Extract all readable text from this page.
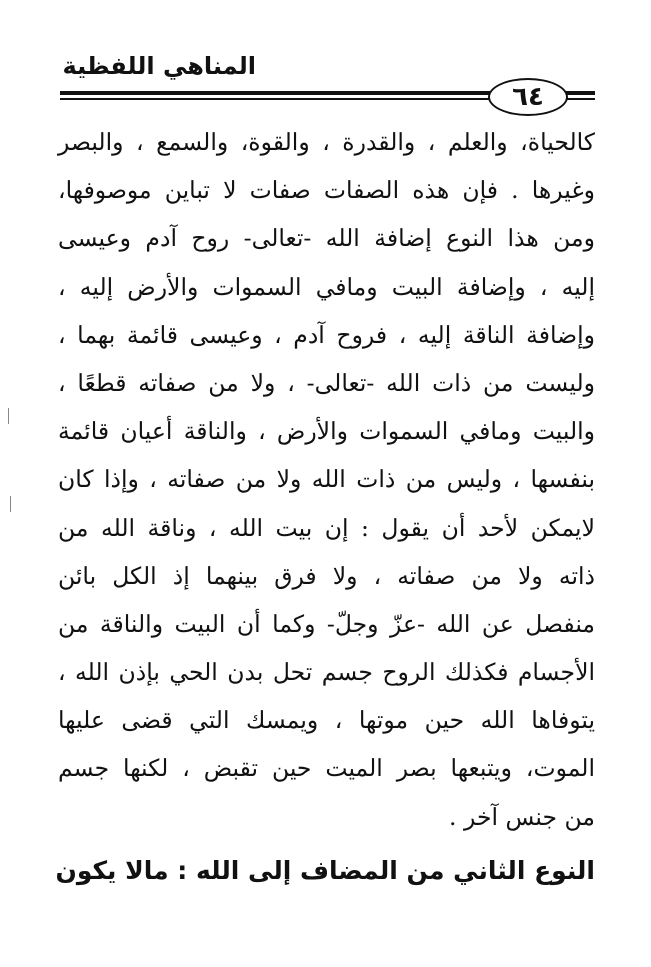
المناهي اللفظية
٦٤
كالحياة، والعلم ، والقدرة ، والقوة، والسمع ، والبصر
وغيرها . فإن هذه الصفات صفات لا تباين موصوفها،
ومن هذا النوع إضافة الله -تعالى- روح آدم وعيسى
إليه ، وإضافة البيت ومافي السموات والأرض إليه ،
وإضافة الناقة إليه ، فروح آدم ، وعيسى قائمة بهما ،
وليست من ذات الله -تعالى- ، ولا من صفاته قطعًا ،
والبيت ومافي السموات والأرض ، والناقة أعيان قائمة
بنفسها ، وليس من ذات الله ولا من صفاته ، وإذا كان
لايمكن لأحد أن يقول : إن بيت الله ، وناقة الله من
ذاته ولا من صفاته ، ولا فرق بينهما إذ الكل بائن
منفصل عن الله -عزّ وجلّ- وكما أن البيت والناقة من
الأجسام فكذلك الروح جسم تحل بدن الحي بإذن الله ،
يتوفاها الله حين موتها ، ويمسك التي قضى عليها
الموت، ويتبعها بصر الميت حين تقبض ، لكنها جسم
من جنس آخر .
النوع الثاني من المضاف إلى الله : مالا يكون
